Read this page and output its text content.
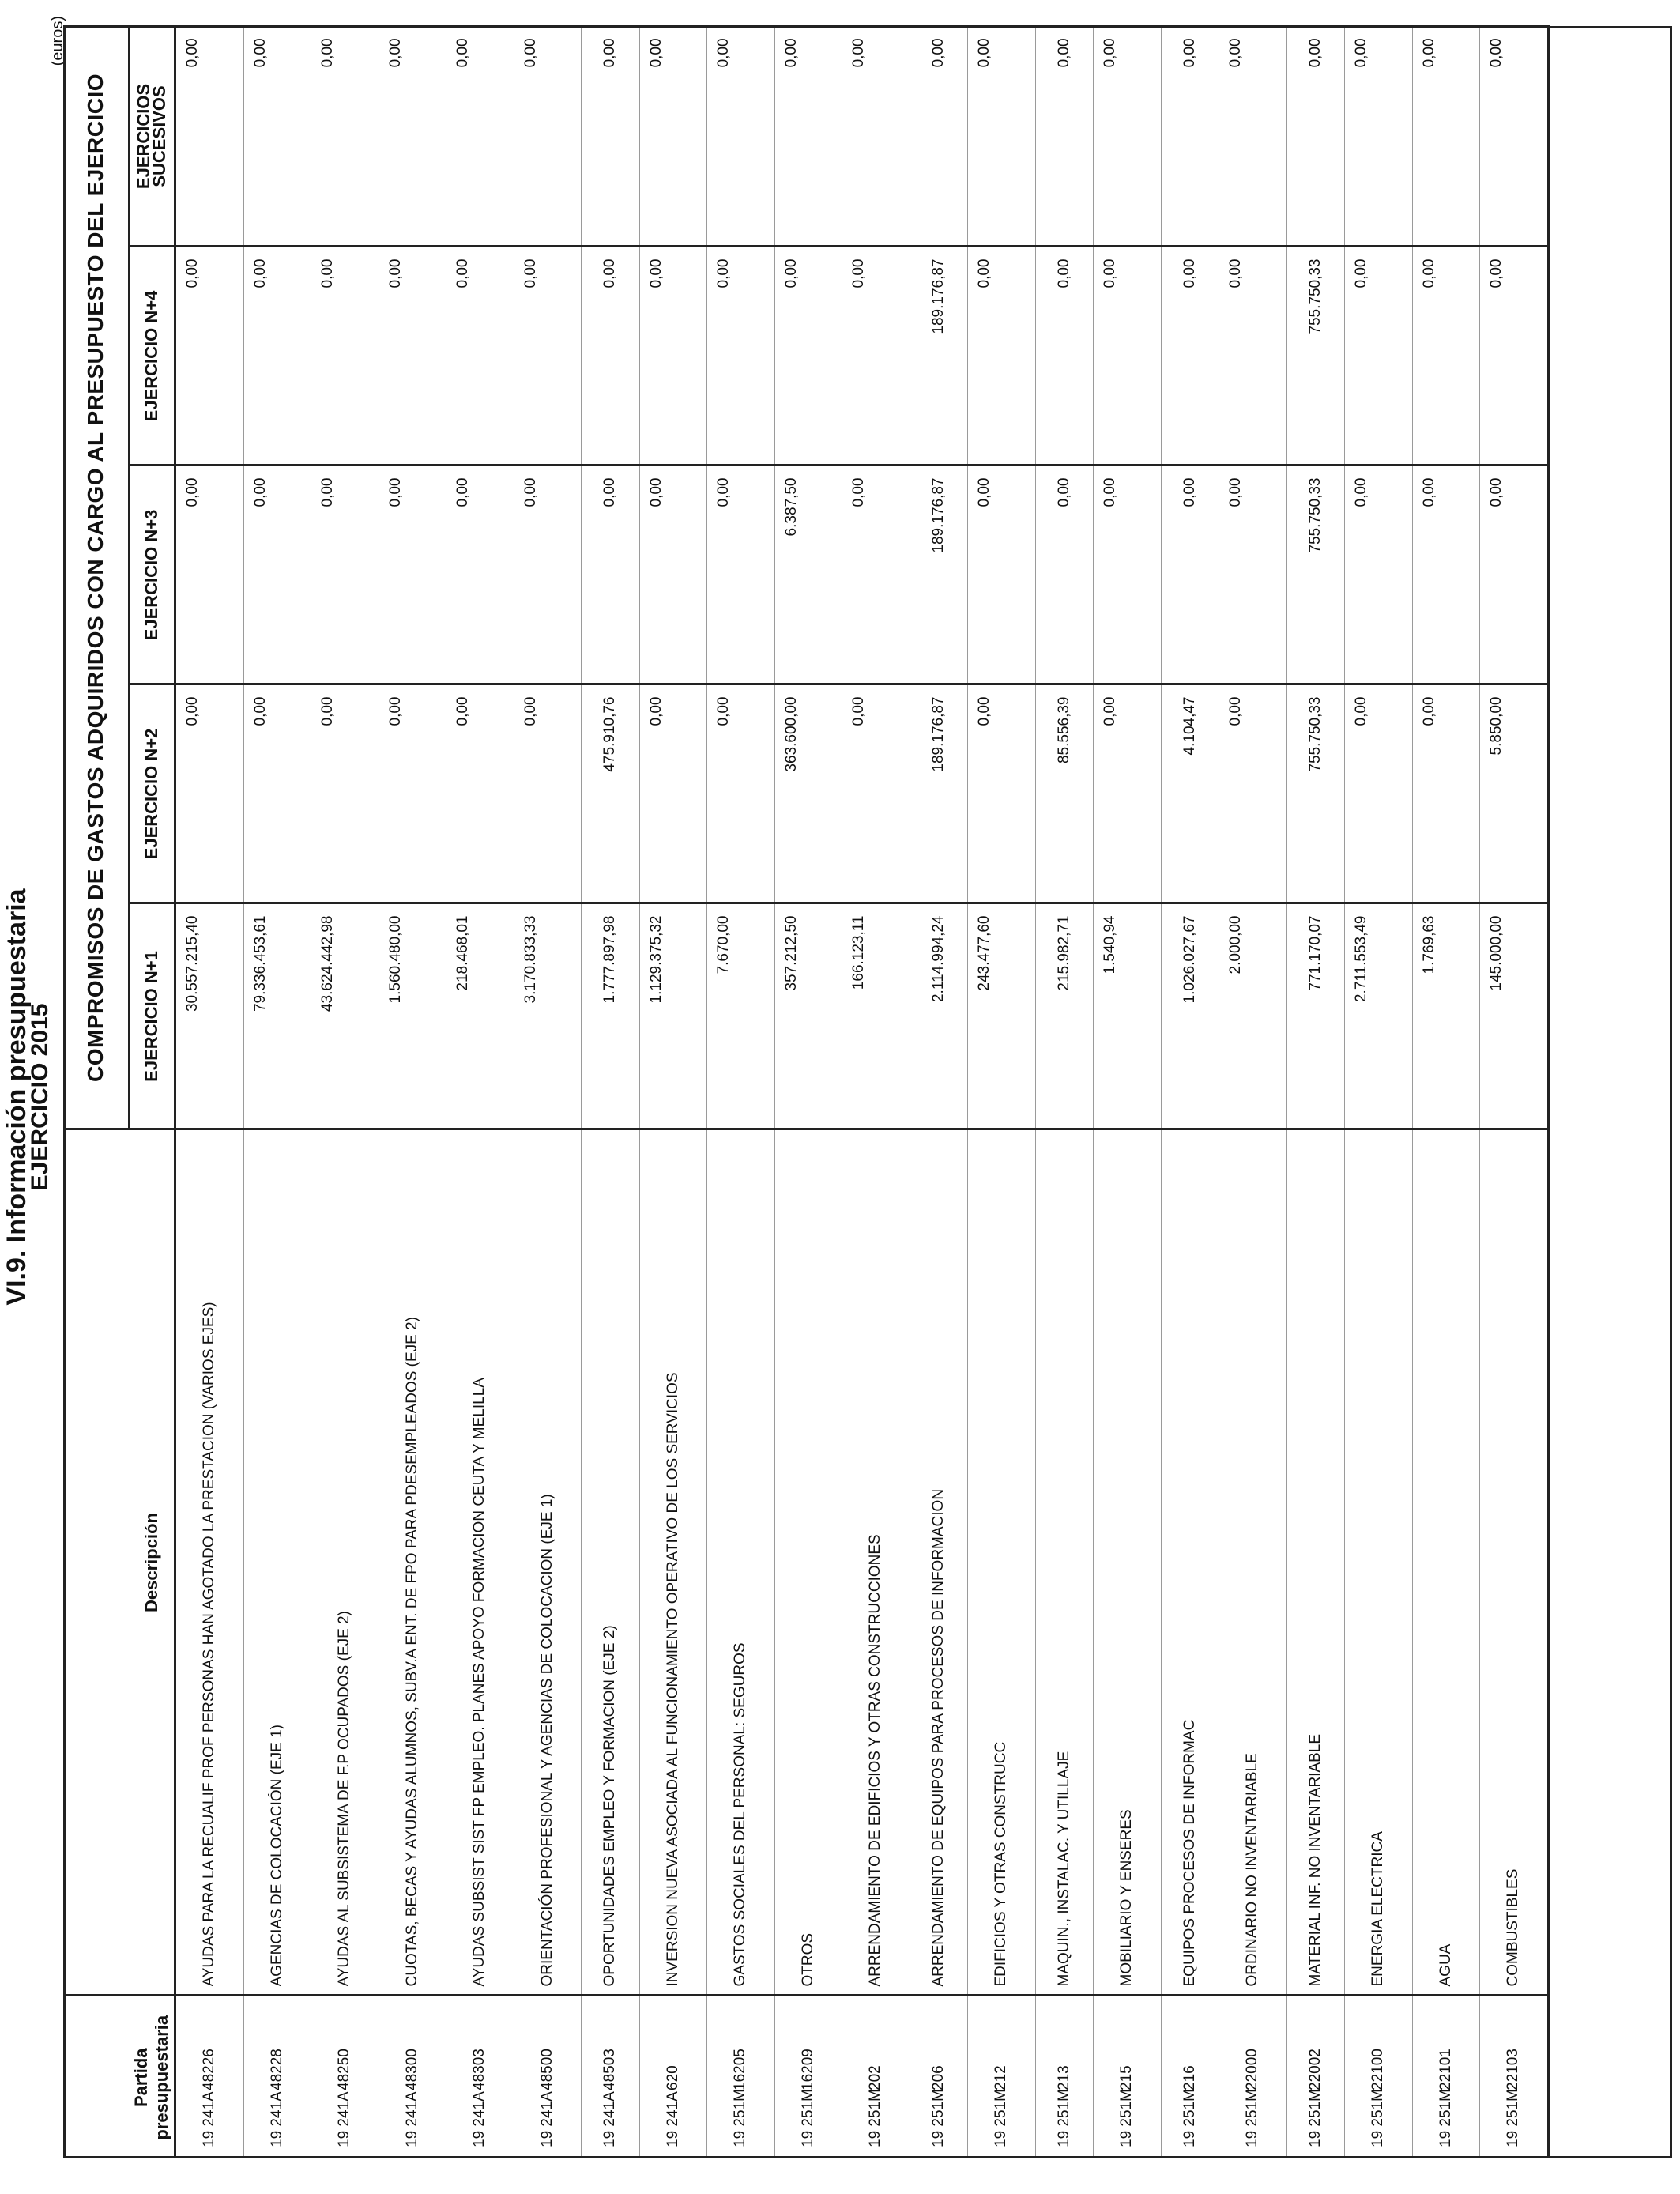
VI.9. Información presupuestaria
EJERCICIO 2015
(euros)
		COMPROMISOS DE GASTOS ADQUIRIDOS CON CARGO AL PRESUPUESTO DEL EJERCICIO				
Partida presupuestaria	Descripción	EJERCICIO N+1	EJERCICIO N+2	EJERCICIO N+3	EJERCICIO N+4	EJERCICIOS
SUCESIVOS
19 241A48226	AYUDAS PARA LA RECUALIF PROF PERSONAS HAN AGOTADO LA PRESTACION (VARIOS EJES)	30.557.215,40	0,00	0,00	0,00	0,00
19 241A48228	AGENCIAS DE COLOCACIÓN (EJE 1)	79.336.453,61	0,00	0,00	0,00	0,00
19 241A48250	AYUDAS AL SUBSISTEMA DE F.P OCUPADOS (EJE 2)	43.624.442,98	0,00	0,00	0,00	0,00
19 241A48300	CUOTAS, BECAS Y AYUDAS ALUMNOS, SUBV.A ENT. DE FPO PARA PDESEMPLEADOS (EJE 2)	1.560.480,00	0,00	0,00	0,00	0,00
19 241A48303	AYUDAS SUBSIST SIST FP EMPLEO. PLANES APOYO FORMACION CEUTA Y MELILLA	218.468,01	0,00	0,00	0,00	0,00
19 241A48500	ORIENTACIÓN PROFESIONAL Y AGENCIAS DE COLOCACION (EJE 1)	3.170.833,33	0,00	0,00	0,00	0,00
19 241A48503	OPORTUNIDADES EMPLEO Y FORMACION (EJE 2)	1.777.897,98	475.910,76	0,00	0,00	0,00
19 241A620	INVERSION NUEVA ASOCIADA AL FUNCIONAMIENTO OPERATIVO DE LOS SERVICIOS	1.129.375,32	0,00	0,00	0,00	0,00
19 251M16205	GASTOS SOCIALES DEL PERSONAL: SEGUROS	7.670,00	0,00	0,00	0,00	0,00
19 251M16209	OTROS	357.212,50	363.600,00	6.387,50	0,00	0,00
19 251M202	ARRENDAMIENTO DE EDIFICIOS Y OTRAS CONSTRUCCIONES	166.123,11	0,00	0,00	0,00	0,00
19 251M206	ARRENDAMIENTO DE EQUIPOS PARA PROCESOS DE INFORMACION	2.114.994,24	189.176,87	189.176,87	189.176,87	0,00
19 251M212	EDIFICIOS Y OTRAS CONSTRUCC	243.477,60	0,00	0,00	0,00	0,00
19 251M213	MAQUIN., INSTALAC. Y UTILLAJE	215.982,71	85.556,39	0,00	0,00	0,00
19 251M215	MOBILIARIO Y ENSERES	1.540,94	0,00	0,00	0,00	0,00
19 251M216	EQUIPOS PROCESOS DE INFORMAC	1.026.027,67	4.104,47	0,00	0,00	0,00
19 251M22000	ORDINARIO NO INVENTARIABLE	2.000,00	0,00	0,00	0,00	0,00
19 251M22002	MATERIAL INF. NO INVENTARIABLE	771.170,07	755.750,33	755.750,33	755.750,33	0,00
19 251M22100	ENERGIA ELECTRICA	2.711.553,49	0,00	0,00	0,00	0,00
19 251M22101	AGUA	1.769,63	0,00	0,00	0,00	0,00
19 251M22103	COMBUSTIBLES	145.000,00	5.850,00	0,00	0,00	0,00
